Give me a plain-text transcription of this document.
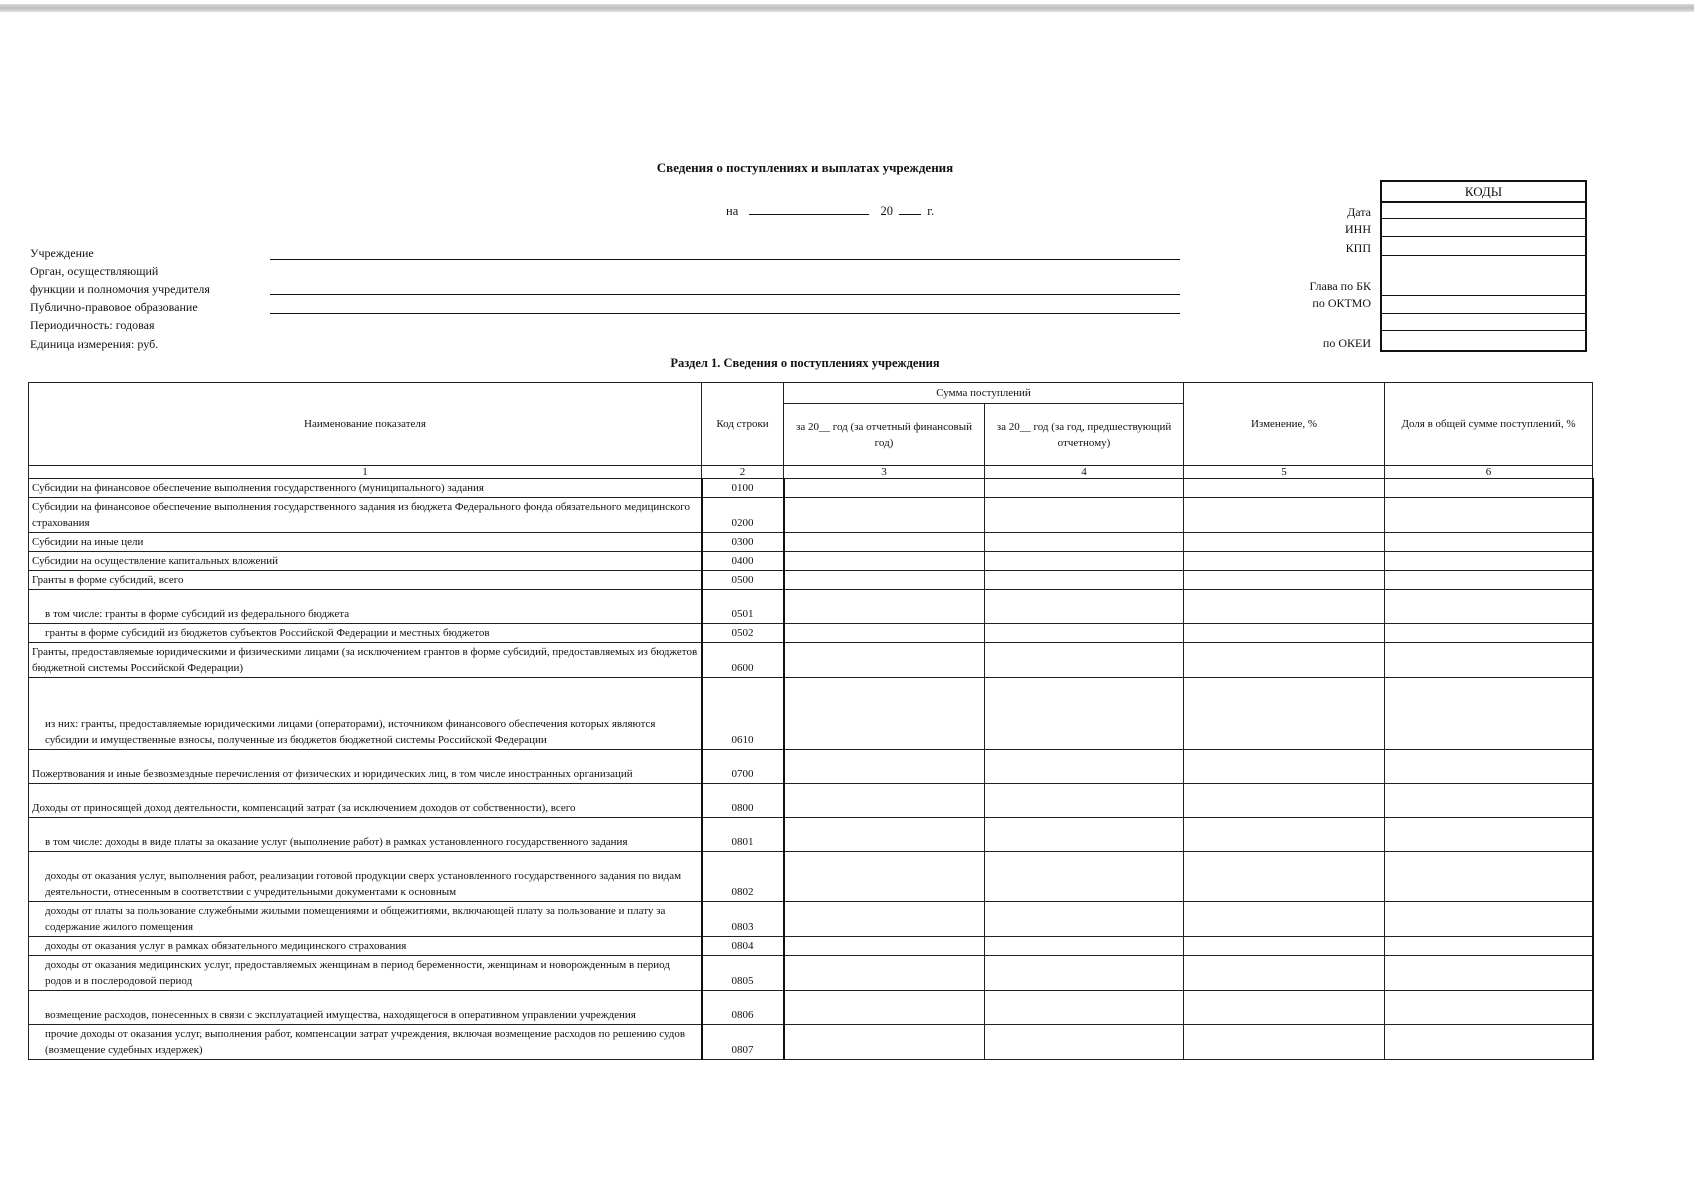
Сведения о поступлениях и выплатах учреждения
на	20	г.
Учреждение
Орган, осуществляющий
функции и полномочия учредителя
Публично-правовое образование
Периодичность: годовая
Единица измерения: руб.
Дата
ИНН
КПП
Глава по БК
по ОКТМО
по ОКЕИ
КОДЫ
Раздел 1. Сведения о поступлениях учреждения
Наименование показателя	Код строки	Сумма поступлений		Изменение, %	Доля в общей сумме поступлений, %
		за 20__ год (за отчетный финансовый год)	за 20__ год (за год, предшествующий отчетному)		
1	2	3	4	5	6
Субсидии на финансовое обеспечение выполнения государственного (муниципального) задания	0100				
Субсидии на финансовое обеспечение выполнения государственного задания из бюджета Федерального фонда обязательного медицинского страхования	0200				
Субсидии на иные цели	0300				
Субсидии на осуществление капитальных вложений	0400				
Гранты в форме субсидий, всего	0500				
в том числе: гранты в форме субсидий из федерального бюджета	0501				
гранты в форме субсидий из бюджетов субъектов Российской Федерации и местных бюджетов	0502				
Гранты, предоставляемые юридическими и физическими лицами (за исключением грантов в форме субсидий, предоставляемых из бюджетов бюджетной системы Российской Федерации)	0600				
из них: гранты, предоставляемые юридическими лицами (операторами), источником финансового обеспечения которых являются субсидии и имущественные взносы, полученные из бюджетов бюджетной системы Российской Федерации	0610				
Пожертвования и иные безвозмездные перечисления от физических и юридических лиц, в том числе иностранных организаций	0700				
Доходы от приносящей доход деятельности, компенсаций затрат (за исключением доходов от собственности), всего	0800				
в том числе: доходы в виде платы за оказание услуг (выполнение работ) в рамках установленного государственного задания	0801				
доходы от оказания услуг, выполнения работ, реализации готовой продукции сверх установленного государственного задания по видам деятельности, отнесенным в соответствии с учредительными документами к основным	0802				
доходы от платы за пользование служебными жилыми помещениями и общежитиями, включающей плату за пользование и плату за содержание жилого помещения	0803				
доходы от оказания услуг в рамках обязательного медицинского страхования	0804				
доходы от оказания медицинских услуг, предоставляемых женщинам в период беременности, женщинам и новорожденным в период родов и в послеродовой период	0805				
возмещение расходов, понесенных в связи с эксплуатацией имущества, находящегося в оперативном управлении учреждения	0806				
прочие доходы от оказания услуг, выполнения работ, компенсации затрат учреждения, включая возмещение расходов по решению судов (возмещение судебных издержек)	0807				
